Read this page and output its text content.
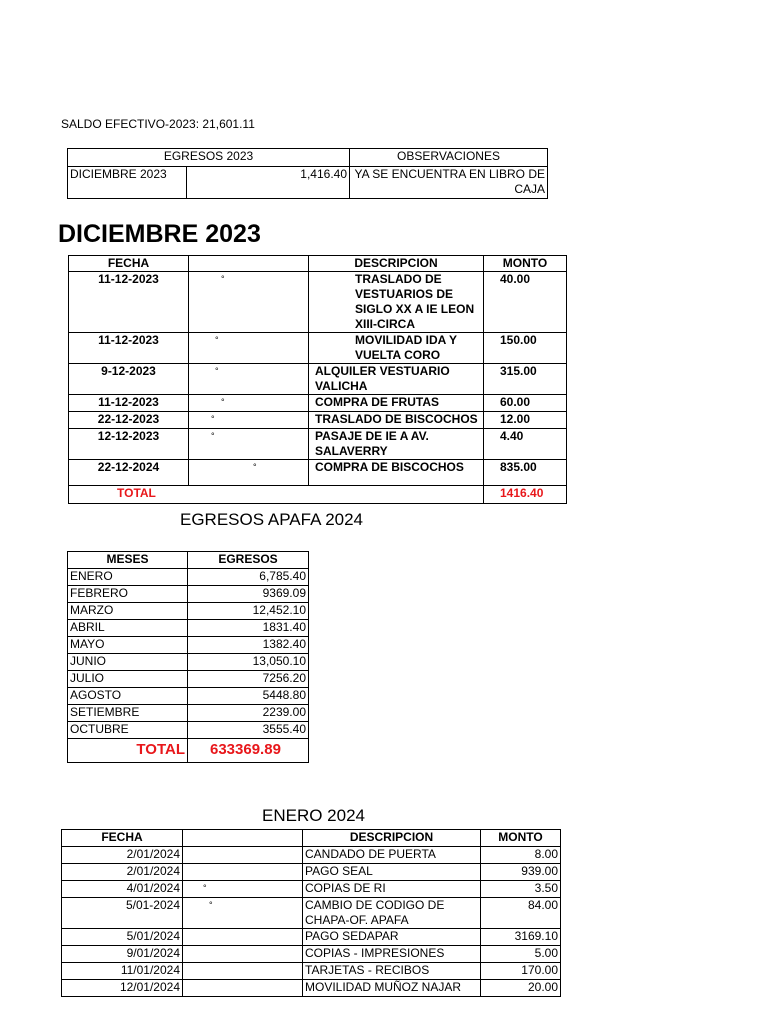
SALDO EFECTIVO-2023: 21,601.11
EGRESOS 2023		OBSERVACIONES
DICIEMBRE 2023	1,416.40	YA SE ENCUENTRA EN LIBRO DE
CAJA
DICIEMBRE 2023
FECHA		DESCRIPCION	MONTO
11-12-2023	°	TRASLADO DE
VESTUARIOS DE
SIGLO XX A IE LEON
XIII-CIRCA	40.00
11-12-2023	°	MOVILIDAD IDA Y
VUELTA CORO	150.00
9-12-2023	°	ALQUILER VESTUARIO
VALICHA	315.00
11-12-2023	°	COMPRA DE FRUTAS	60.00
22-12-2023	°	TRASLADO DE BISCOCHOS	12.00
12-12-2023	°	PASAJE DE IE A AV.
SALAVERRY	4.40
22-12-2024	°	COMPRA DE BISCOCHOS	835.00
TOTAL			1416.40
EGRESOS APAFA 2024
MESES	EGRESOS
ENERO	6,785.40
FEBRERO	9369.09
MARZO	12,452.10
ABRIL	1831.40
MAYO	1382.40
JUNIO	13,050.10
JULIO	7256.20
AGOSTO	5448.80
SETIEMBRE	2239.00
OCTUBRE	3555.40
TOTAL	633369.89
ENERO 2024
FECHA		DESCRIPCION	MONTO
2/01/2024		CANDADO DE PUERTA	8.00
2/01/2024		PAGO SEAL	939.00
4/01/2024	°	COPIAS DE RI	3.50
5/01-2024	°	CAMBIO DE CODIGO DE
CHAPA-OF. APAFA	84.00
5/01/2024		PAGO SEDAPAR	3169.10
9/01/2024		COPIAS - IMPRESIONES	5.00
11/01/2024		TARJETAS - RECIBOS	170.00
12/01/2024		MOVILIDAD MUÑOZ NAJAR	20.00
